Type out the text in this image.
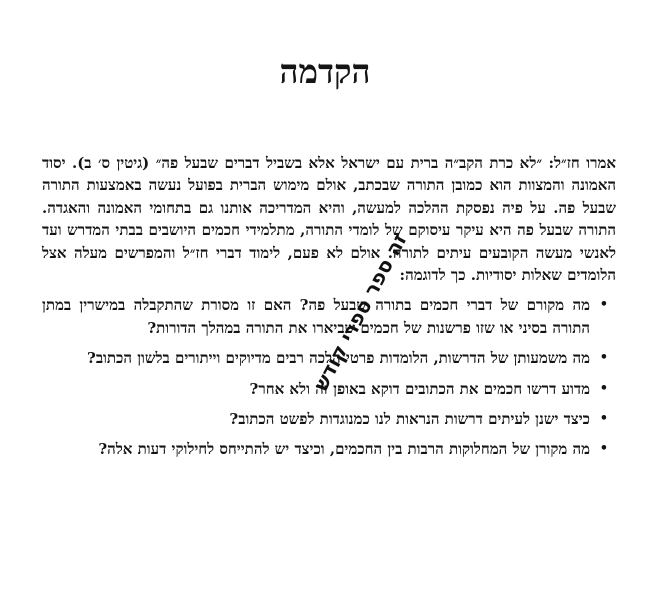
הקדמה

אמרו חז״ל: ״לא כרת הקב״ה ברית עם ישראל אלא בשביל דברים שבעל פה״ (גיטין ס׳ ב). יסוד האמונה והמצוות הוא כמובן התורה שבכתב, אולם מימוש הברית בפועל נעשה באמצעות התורה שבעל פה. על פיה נפסקת ההלכה למעשה, והיא המדריכה אותנו גם בתחומי האמונה והאגדה. התורה שבעל פה היא עיקר עיסוקם של לומדי התורה, מתלמידי חכמים היושבים בבתי המדרש ועד לאנשי מעשה הקובעים עיתים לתורה. אולם לא פעם, לימוד דברי חז״ל והמפרשים מעלה אצל הלומדים שאלות יסודיות. כך לדוגמה:

•
מה מקורם של דברי חכמים בתורה שבעל פה? האם זו מסורת שהתקבלה במישרין במתן התורה בסיני או שזו פרשנות של חכמים שביארו את התורה במהלך הדורות?
•
מה משמעותן של הדרשות, הלומדות פרטי הלכה רבים מדיוקים וייתורים בלשון הכתוב?
•
מדוע דרשו חכמים את הכתובים דוקא באופן זה ולא אחר?
•
כיצד ישנן לעיתים דרשות הנראות לנו כמנוגדות לפשט הכתוב?
•
מה מקורן של המחלוקות הרבות בין החכמים, וכיצד יש להתייחס לחילוקי דעות אלה?
זה ספר ספרי קודש
